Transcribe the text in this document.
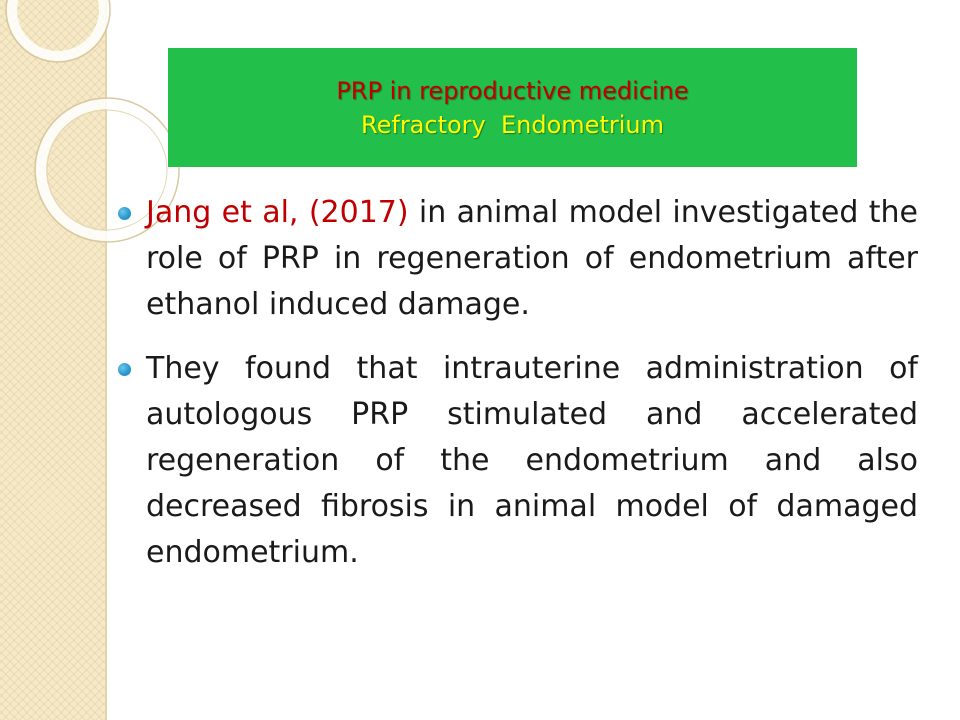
PRP in reproductive medicine
Refractory  Endometrium
Jang et al, (2017) in animal model investigated the role of PRP in regeneration of endometrium after ethanol induced damage.
They found that intrauterine administration of autologous PRP stimulated and accelerated regeneration of the endometrium and also decreased fibrosis in animal model of damaged endometrium.
